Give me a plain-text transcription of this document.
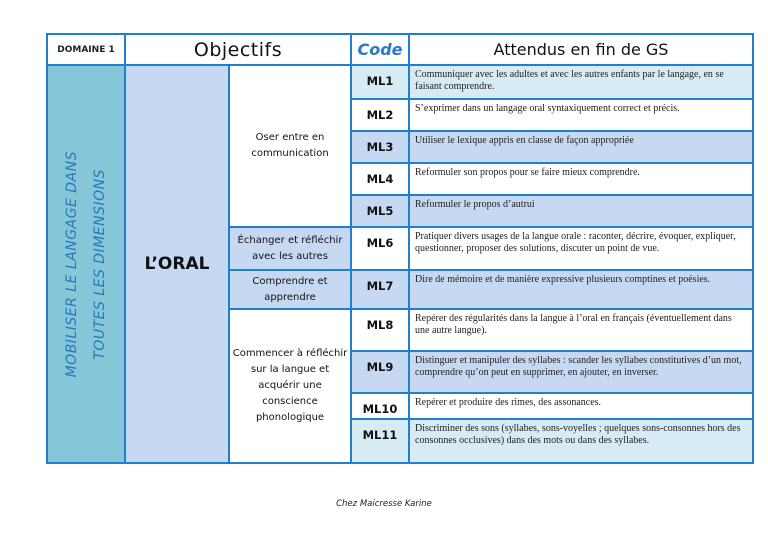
DOMAINE 1	Objectifs		Code	Attendus en fin de GS

MOBILISER LE LANGAGE DANS TOUTES LES DIMENSIONS	L’ORAL	Oser entre en communication	ML1	Communiquer avec les adultes et avec les autres enfants par le langage, en se faisant comprendre.
			ML2	S’exprimer dans un langage oral syntaxiquement correct et précis.
			ML3	Utiliser le lexique appris en classe de façon appropriée
			ML4	Reformuler son propos pour se faire mieux comprendre.
			ML5	Reformuler le propos d’autrui
		Échanger et réfléchir avec les autres	ML6	Pratiquer divers usages de la langue orale : raconter, décrire, évoquer, expliquer, questionner, proposer des solutions, discuter un point de vue.
		Comprendre et apprendre	ML7	Dire de mémoire et de manière expressive plusieurs comptines et poésies.
		Commencer à réfléchir sur la langue et acquérir une conscience phonologique	ML8	Repérer des régularités dans la langue à l’oral en français (éventuellement dans une autre langue).
			ML9	Distinguer et manipuler des syllabes : scander les syllabes constitutives d’un mot, comprendre qu’on peut en supprimer, en ajouter, en inverser.
			ML10	Repérer et produire des rimes, des assonances.
			ML11	Discriminer des sons (syllabes, sons-voyelles ; quelques sons-consonnes hors des consonnes occlusives) dans des mots ou dans des syllabes.
Chez Maicresse Karine
